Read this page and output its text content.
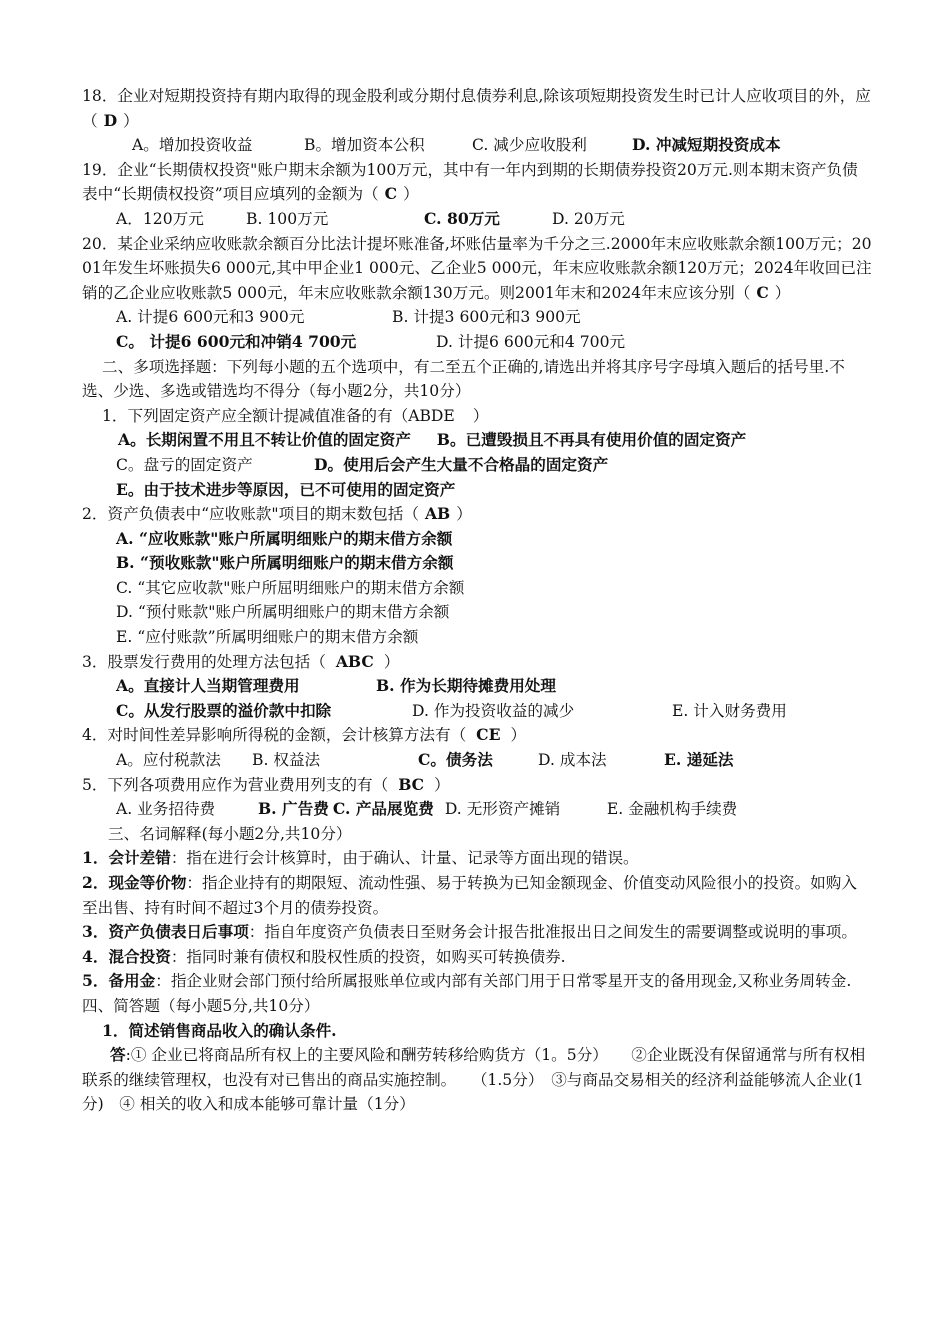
18．企业对短期投资持有期内取得的现金股利或分期付息债券利息,除该项短期投资发生时已计人应收项目的外，应（ D ）

A。增加投资收益	B。增加资本公积	C. 减少应收股利	D. 冲减短期投资成本

19．企业“长期债权投资"账户期末余额为100万元，其中有一年内到期的长期债券投资20万元.则本期末资产负债表中“长期债权投资”项目应填列的金额为（ C ）

A．120万元	B. 100万元	C. 80万元	D. 20万元

20．某企业采纳应收账款余额百分比法计提坏账准备,坏账估量率为千分之三.2000年末应收账款余额100万元；2001年发生坏账损失6 000元,其中甲企业1 000元、乙企业5 000元，年末应收账款余额120万元；2024年收回已注销的乙企业应收账款5 000元，年末应收账款余额130万元。则2001年末和2024年末应该分别（ C ）

A. 计提6 600元和3 900元	B. 计提3 600元和3 900元

C。 计提6 600元和冲销4 700元	D. 计提6 600元和4 700元

二、多项选择题：下列每小题的五个选项中，有二至五个正确的,请选出并将其序号字母填入题后的括号里.不选、少选、多选或错选均不得分（每小题2分，共10分）

1．下列固定资产应全额计提减值准备的有（ABDE ）

A。长期闲置不用且不转让价值的固定资产 B。已遭毁损且不再具有使用价值的固定资产

C。盘亏的固定资产	D。使用后会产生大量不合格晶的固定资产

E。由于技术进步等原因，已不可使用的固定资产

2．资产负债表中“应收账款"项目的期末数包括（ AB ）

A. “应收账款"账户所属明细账户的期末借方余额

B. “预收账款"账户所属明细账户的期末借方余额

C. “其它应收款"账户所屈明细账户的期末借方余额

D. “预付账款"账户所属明细账户的期末借方余额

E. “应付账款”所属明细账户的期末借方余额

3．股票发行费用的处理方法包括（ ABC ）

A。直接计人当期管理费用	B. 作为长期待摊费用处理

C。从发行股票的溢价款中扣除	D. 作为投资收益的减少	E. 计入财务费用

4．对时间性差异影响所得税的金额，会计核算方法有（ CE ）

A。应付税款法 B. 权益法	C。债务法	D. 成本法	E. 递延法

5．下列各项费用应作为营业费用列支的有（ BC ）

A. 业务招待费	B. 广告费 C. 产品展览费 D. 无形资产摊销	E. 金融机构手续费

三、名词解释(每小题2分,共10分）

1．会计差错：指在进行会计核算时，由于确认、计量、记录等方面出现的错误。

2．现金等价物：指企业持有的期限短、流动性强、易于转换为已知金额现金、价值变动风险很小的投资。如购入至出售、持有时间不超过3个月的债券投资。

3．资产负债表日后事项：指自年度资产负债表日至财务会计报告批准报出日之间发生的需要调整或说明的事项。

4．混合投资：指同时兼有债权和股权性质的投资，如购买可转换债券.

5．备用金：指企业财会部门预付给所属报账单位或内部有关部门用于日常零星开支的备用现金,又称业务周转金.

四、简答题（每小题5分,共10分）

1．简述销售商品收入的确认条件.

答:① 企业已将商品所有权上的主要风险和酬劳转移给购货方（1。5分）　　②企业既没有保留通常与所有权相联系的继续管理权，也没有对已售出的商品实施控制。　　（1.5分）　③与商品交易相关的经济利益能够流人企业(1分)　④ 相关的收入和成本能够可靠计量（1分）
